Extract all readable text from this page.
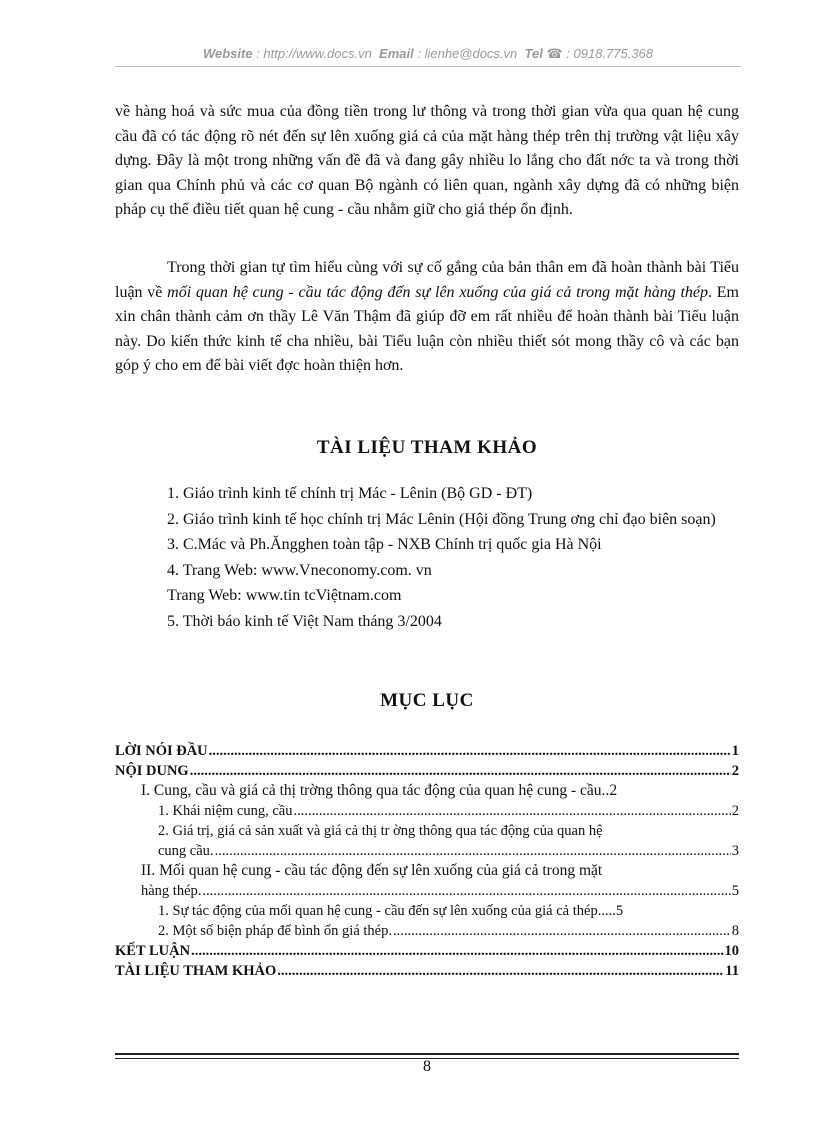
Website : http://www.docs.vn Email : lienhe@docs.vn Tel ☎ : 0918.775.368

về hàng hoá và sức mua của đồng tiền trong lư thông và trong thời gian vừa qua quan hệ cung cầu đã có tác động rõ nét đến sự lên xuống giá cả của mặt hàng thép trên thị trường vật liệu xây dựng. Đây là một trong những vấn đề đã và đang gây nhiều lo lắng cho đất nớc ta và trong thời gian qua Chính phủ và các cơ quan Bộ ngành có liên quan, ngành xây dựng đã có những biện pháp cụ thể điều tiết quan hệ cung - cầu nhằm giữ cho giá thép ổn định.

Trong thời gian tự tìm hiểu cùng với sự cố gắng của bản thân em đã hoàn thành bài Tiểu luận về mối quan hệ cung - cầu tác động đến sự lên xuống của giá cả trong mặt hàng thép. Em xin chân thành cảm ơn thầy Lê Văn Thậm đã giúp đỡ em rất nhiều để hoàn thành bài Tiểu luận này. Do kiến thức kinh tế cha nhiều, bài Tiểu luận còn nhiều thiết sót mong thầy cô và các bạn góp ý cho em để bài viết đợc hoàn thiện hơn.

TÀI LIỆU THAM KHẢO
1. Giáo trình kinh tế chính trị Mác - Lênin (Bộ GD - ĐT)
2. Giáo trình kinh tế học chính trị Mác Lênin (Hội đồng Trung ơng chỉ đạo biên soạn)
3. C.Mác và Ph.Ăngghen toàn tập - NXB Chính trị quốc gia Hà Nội
4. Trang Web: www.Vneconomy.com. vn
Trang Web: www.tin tcViệtnam.com
5. Thời báo kinh tế Việt Nam tháng 3/2004
MỤC LỤC
LỜI NÓI ĐẦU .....	1
NỘI DUNG .....	2
I. Cung, cầu và giá cả thị trờng thông qua tác động của quan hệ cung - cầu. .2
1. Khái niệm cung, cầu .....	2
2. Giá trị, giá cả sản xuất và giá cả thị tr ờng thông qua tác động của quan hệ
cung cầu. .....	3
II. Mối quan hệ cung - cầu tác động đến sự lên xuống của giá cả trong mặt
hàng thép. .....	5
1. Sự tác động của mối quan hệ cung - cầu đến sự lên xuống của giá cả thép. ....5
2. Một số biện pháp để bình ổn giá thép. .....	8
KẾT LUẬN .....	10
TÀI LIỆU THAM KHẢO .....	11
8
